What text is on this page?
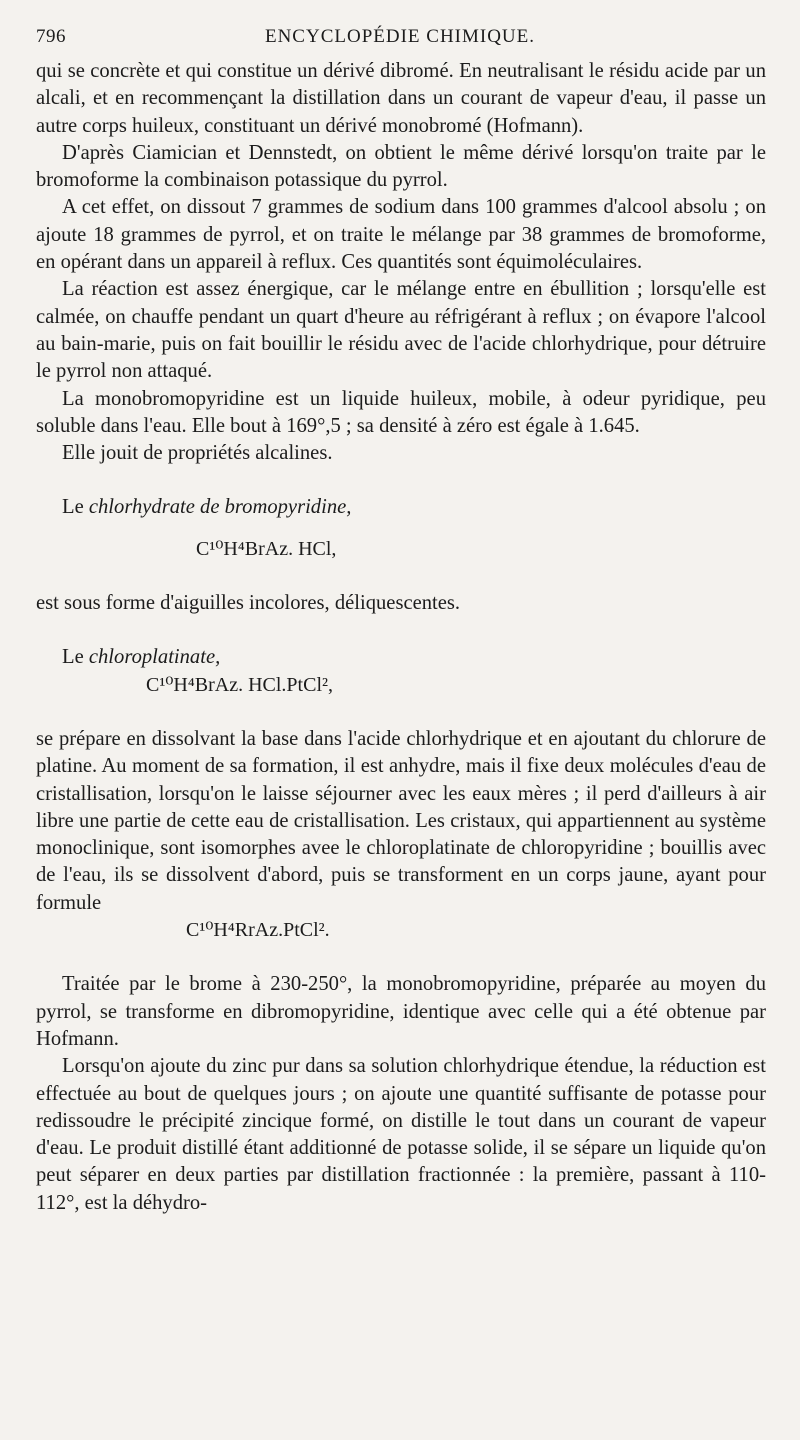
796	ENCYCLOPÉDIE CHIMIQUE.

qui se concrète et qui constitue un dérivé dibromé. En neutralisant le résidu acide par un alcali, et en recommençant la distillation dans un courant de vapeur d'eau, il passe un autre corps huileux, constituant un dérivé monobromé (Hofmann).

D'après Ciamician et Dennstedt, on obtient le même dérivé lorsqu'on traite par le bromoforme la combinaison potassique du pyrrol.

A cet effet, on dissout 7 grammes de sodium dans 100 grammes d'alcool absolu ; on ajoute 18 grammes de pyrrol, et on traite le mélange par 38 grammes de bromoforme, en opérant dans un appareil à reflux. Ces quantités sont équimoléculaires.

La réaction est assez énergique, car le mélange entre en ébullition ; lorsqu'elle est calmée, on chauffe pendant un quart d'heure au réfrigérant à reflux ; on évapore l'alcool au bain-marie, puis on fait bouillir le résidu avec de l'acide chlorhydrique, pour détruire le pyrrol non attaqué.

La monobromopyridine est un liquide huileux, mobile, à odeur pyridique, peu soluble dans l'eau. Elle bout à 169°,5 ; sa densité à zéro est égale à 1.645.

Elle jouit de propriétés alcalines.

Le chlorhydrate de bromopyridine,

C¹⁰H⁴BrAz. HCl,

est sous forme d'aiguilles incolores, déliquescentes.

Le chloroplatinate,

C¹⁰H⁴BrAz. HCl.PtCl²,

se prépare en dissolvant la base dans l'acide chlorhydrique et en ajoutant du chlorure de platine. Au moment de sa formation, il est anhydre, mais il fixe deux molécules d'eau de cristallisation, lorsqu'on le laisse séjourner avec les eaux mères ; il perd d'ailleurs à air libre une partie de cette eau de cristallisation. Les cristaux, qui appartiennent au système monoclinique, sont isomorphes avee le chloroplatinate de chloropyridine ; bouillis avec de l'eau, ils se dissolvent d'abord, puis se transforment en un corps jaune, ayant pour formule

C¹⁰H⁴RrAz.PtCl².

Traitée par le brome à 230-250°, la monobromopyridine, préparée au moyen du pyrrol, se transforme en dibromopyridine, identique avec celle qui a été obtenue par Hofmann.

Lorsqu'on ajoute du zinc pur dans sa solution chlorhydrique étendue, la réduction est effectuée au bout de quelques jours ; on ajoute une quantité suffisante de potasse pour redissoudre le précipité zincique formé, on distille le tout dans un courant de vapeur d'eau. Le produit distillé étant additionné de potasse solide, il se sépare un liquide qu'on peut séparer en deux parties par distillation fractionnée : la première, passant à 110-112°, est la déhydro-
